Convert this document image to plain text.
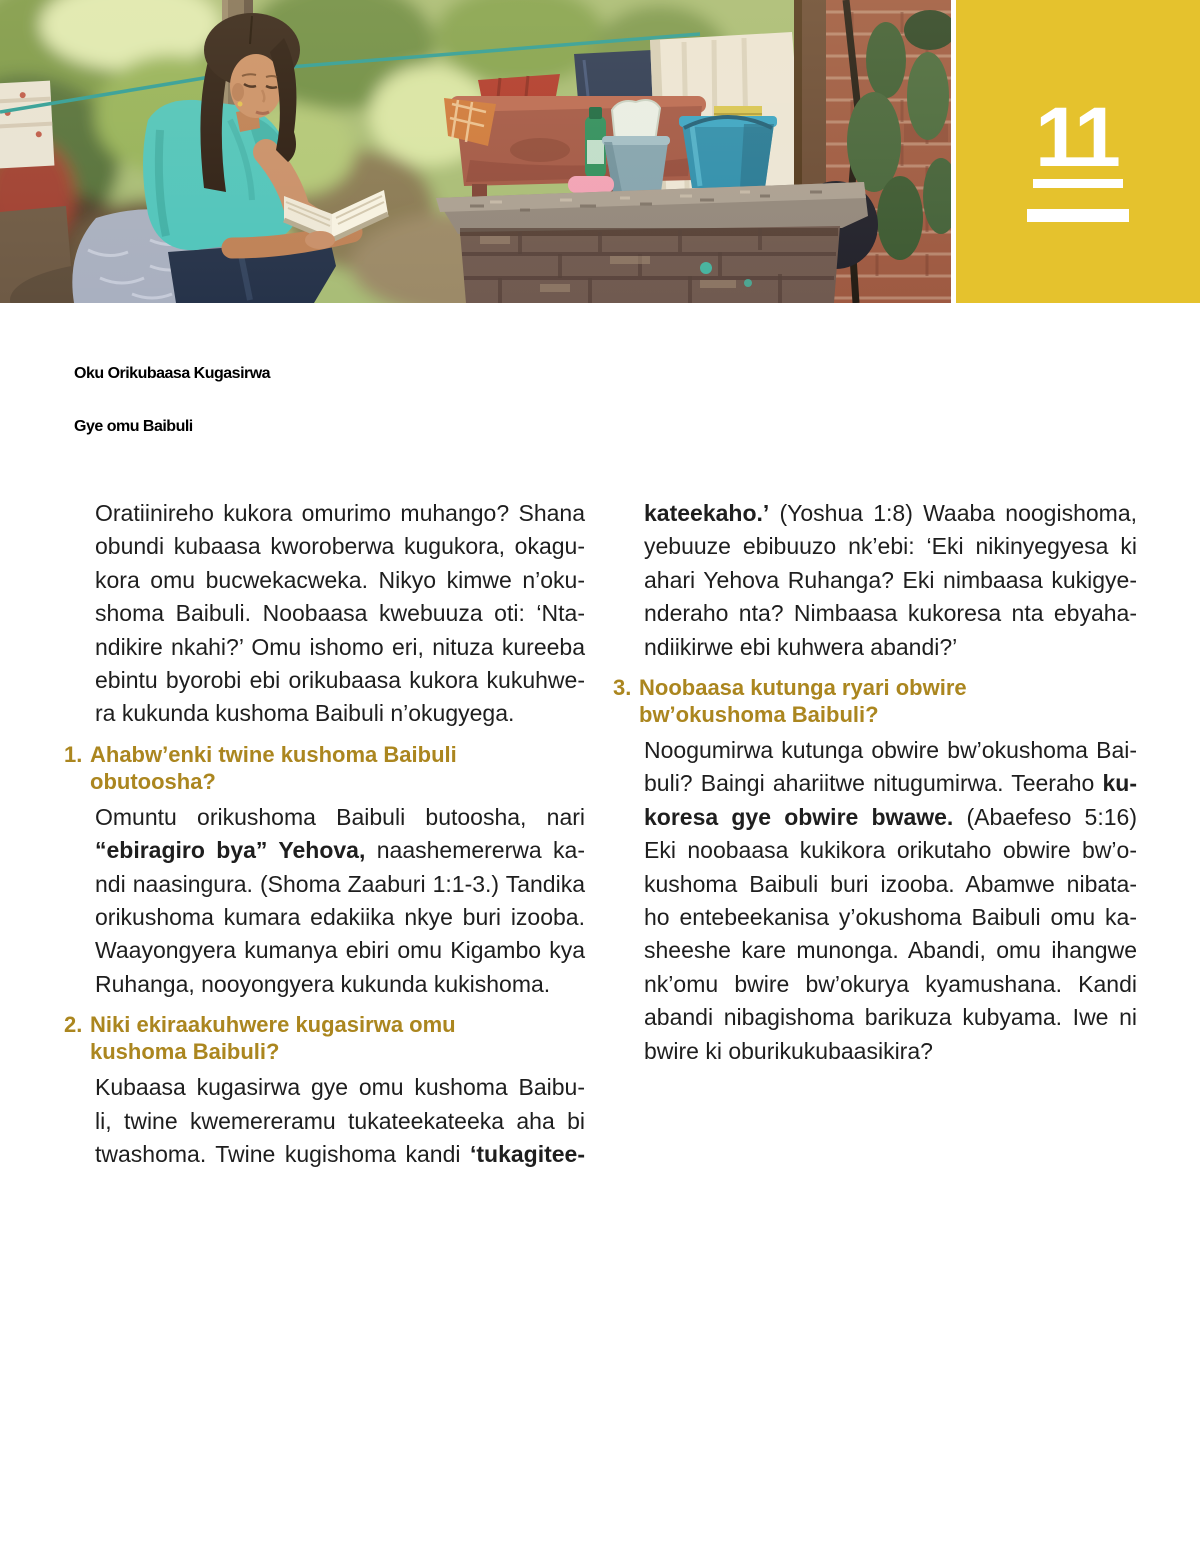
11
Oku Orikubaasa Kugasirwa
Gye omu Baibuli
Oratiinireho kukora omurimo muhango? Shana
obundi kubaasa kworoberwa kugukora, okagu-
kora omu bucwekacweka. Nikyo kimwe n’oku-
shoma Baibuli. Noobaasa kwebuuza oti: ‘Nta-
ndikire nkahi?’ Omu ishomo eri, nituza kureeba
ebintu byorobi ebi orikubaasa kukora kukuhwe-
ra kukunda kushoma Baibuli n’okugyega.
1. Ahabw’enki twine kushoma Baibuli
obutoosha?
Omuntu orikushoma Baibuli butoosha, nari
“ebiragiro bya” Yehova, naashemererwa ka-
ndi naasingura. (Shoma Zaaburi 1:1-3.) Tandika
orikushoma kumara edakiika nkye buri izooba.
Waayongyera kumanya ebiri omu Kigambo kya
Ruhanga, nooyongyera kukunda kukishoma.
2. Niki ekiraakuhwere kugasirwa omu
kushoma Baibuli?
Kubaasa kugasirwa gye omu kushoma Baibu-
li, twine kwemereramu tukateekateeka aha bi
twashoma. Twine kugishoma kandi ‘tukagitee-
kateekaho.’ (Yoshua 1:8) Waaba noogishoma,
yebuuze ebibuuzo nk’ebi: ‘Eki nikinyegyesa ki
ahari Yehova Ruhanga? Eki nimbaasa kukigye-
nderaho nta? Nimbaasa kukoresa nta ebyaha-
ndiikirwe ebi kuhwera abandi?’
3. Noobaasa kutunga ryari obwire
bw’okushoma Baibuli?
Noogumirwa kutunga obwire bw’okushoma Bai-
buli? Baingi ahariitwe nitugumirwa. Teeraho ku-
koresa gye obwire bwawe. (Abaefeso 5:16)
Eki noobaasa kukikora orikutaho obwire bw’o-
kushoma Baibuli buri izooba. Abamwe nibata-
ho entebeekanisa y’okushoma Baibuli omu ka-
sheeshe kare munonga. Abandi, omu ihangwe
nk’omu bwire bw’okurya kyamushana. Kandi
abandi nibagishoma barikuza kubyama. Iwe ni
bwire ki oburikukubaasikira?
